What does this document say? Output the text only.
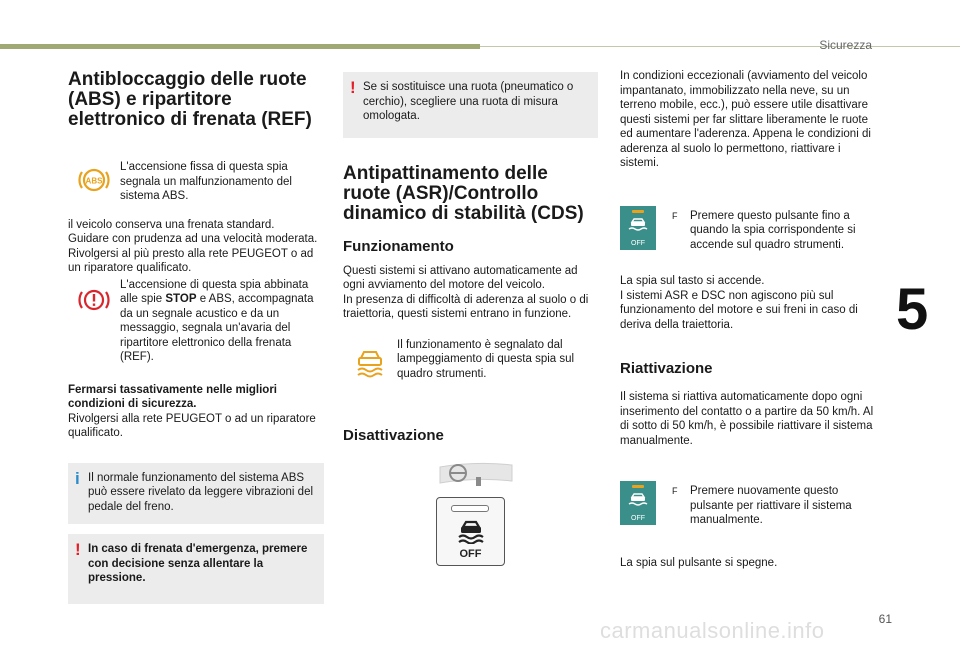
Sicurezza
5
61
carmanualsonline.info
Antibloccaggio delle ruote (ABS) e ripartitore elettronico di frenata (REF)
ABS
L'accensione fissa di questa spia segnala un malfunzionamento del sistema ABS.
il veicolo conserva una frenata standard.
Guidare con prudenza ad una velocità moderata.
Rivolgersi al più presto alla rete PEUGEOT o ad un riparatore qualificato.
L'accensione di questa spia abbinata alle spie STOP e ABS, accompagnata da un segnale acustico e da un messaggio, segnala un'avaria del ripartitore elettronico della frenata (REF).
Fermarsi tassativamente nelle migliori condizioni di sicurezza.
Rivolgersi alla rete PEUGEOT o ad un riparatore qualificato.
i Il normale funzionamento del sistema ABS può essere rivelato da leggere vibrazioni del pedale del freno.
! In caso di frenata d'emergenza, premere con decisione senza allentare la pressione.
! Se si sostituisce una ruota (pneumatico o cerchio), scegliere una ruota di misura omologata.
Antipattinamento delle ruote (ASR)/Controllo dinamico di stabilità (CDS)
Funzionamento
Questi sistemi si attivano automaticamente ad ogni avviamento del motore del veicolo.
In presenza di difficoltà di aderenza al suolo o di traiettoria, questi sistemi entrano in funzione.
Il funzionamento è segnalato dal lampeggiamento di questa spia sul quadro strumenti.
Disattivazione
OFF
In condizioni eccezionali (avviamento del veicolo impantanato, immobilizzato nella neve, su un terreno mobile, ecc.), può essere utile disattivare questi sistemi per far slittare liberamente le ruote ed aumentare l'aderenza. Appena le condizioni di aderenza al suolo lo permettono, riattivare i sistemi.
OFF
F	Premere questo pulsante fino a quando la spia corrispondente si accende sul quadro strumenti.
La spia sul tasto si accende.
I sistemi ASR e DSC non agiscono più sul funzionamento del motore e sui freni in caso di deriva della traiettoria.
Riattivazione
Il sistema si riattiva automaticamente dopo ogni inserimento del contatto o a partire da 50 km/h. Al di sotto di 50 km/h, è possibile riattivare il sistema manualmente.
OFF
F	Premere nuovamente questo pulsante per riattivare il sistema manualmente.
La spia sul pulsante si spegne.
